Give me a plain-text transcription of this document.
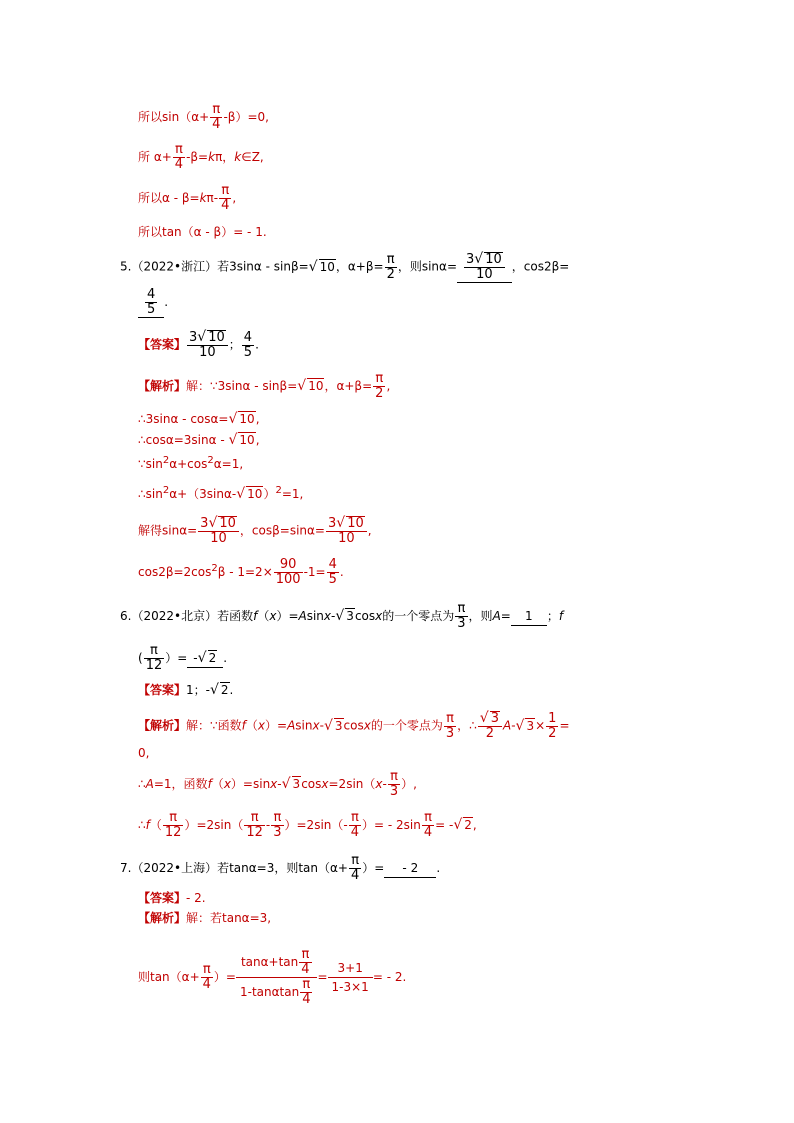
所以$\sin(\alpha+ \frac{\pi}{4} -\beta)=0$,
所 $\alpha+ \frac{\pi}{4} -\beta=k\pi$，k∈Z,
所以$\alpha - \beta=k\pi- \frac{\pi}{4}$ ,
所以tan（α - β）= - 1.
5.（2022•浙江）若3sinα - sinβ=√ 10，$\alpha+\beta= \frac{\pi}{2}$ ，则$\sin\alpha= \frac{3√ 10}{10}$ ，cos2β=
$\frac{4}{5}$ .
【答案】 $\frac{3√ 10}{10}$ ； $\frac{4}{5}$ .
【解析】解：∵3sinα - sinβ=√ 10，$\alpha+\beta= \frac{\pi}{2}$ ,
∴3sinα - cosα=√ 10,
∴cosα=3sinα - √ 10,
$\because\sin^2\alpha+\cos^2\alpha=1$,
$\therefore\sin^2\alpha+(3\sin\alpha-√$ 10）$^2$=1,
解得$\sin\alpha= \frac{3√ 10}{10}$ ，$\cos\beta=\sin\alpha= \frac{3√ 10}{10}$ ,
$\cos 2\beta=2\cos^2\beta - 1=2\times \frac{90}{100} -1= \frac{4}{5}$ .
6.（2022•北京）若函数f（x）=Asinx-√ 3cosx的一个零点为 $\frac{\pi}{3}$ ，则A= 1 ；f
( $\frac{\pi}{12}$ ）= -√ 2 .
【答案】1；-√ 2.
【解析】解：∵函数f（x）=Asinx-√ 3cosx的一个零点为 $\frac{\pi}{3}$ ，∴
√ $\frac{3}{2} A-√$ $3\times \frac{1}{2}$ =
0,
∴A=1，函数f（x）=sinx-√ $3\cos x=2\sin(x- \frac{\pi}{3}$ ）,
∴f（ $\frac{\pi}{12} )=2\sin( \frac{\pi}{12} - \frac{\pi}{3} )=2\sin(- \frac{\pi}{4}$ ）= - $2\sin \frac{\pi}{4}$ = -√ 2,
7.（2022•上海）若tanα=3，则$\tan(\alpha+ \frac{\pi}{4}$ ）= - 2 .
【答案】- 2.
【解析】解：若tanα=3,
则$\tan(\alpha+ \frac{\pi}{4}$ ）= $\frac{\tan\alpha+\tan \frac{\pi}{4}}{1-\tan\alpha\tan \frac{\pi}{4}} = \frac{3+1}{1-3\times 1}$ = - 2.
